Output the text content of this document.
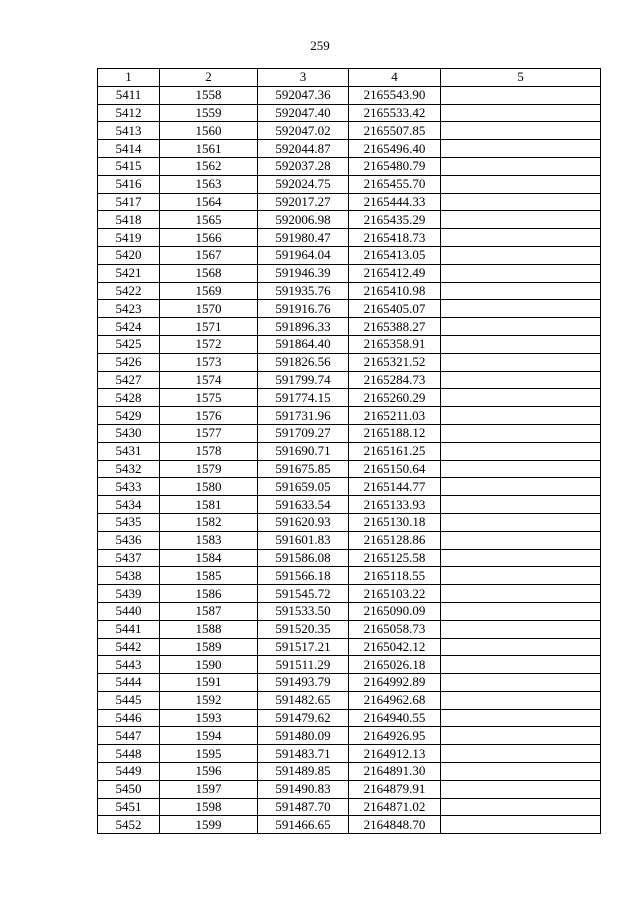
259
1	2	3	4	5
5411	1558	592047.36	2165543.90	
5412	1559	592047.40	2165533.42	
5413	1560	592047.02	2165507.85	
5414	1561	592044.87	2165496.40	
5415	1562	592037.28	2165480.79	
5416	1563	592024.75	2165455.70	
5417	1564	592017.27	2165444.33	
5418	1565	592006.98	2165435.29	
5419	1566	591980.47	2165418.73	
5420	1567	591964.04	2165413.05	
5421	1568	591946.39	2165412.49	
5422	1569	591935.76	2165410.98	
5423	1570	591916.76	2165405.07	
5424	1571	591896.33	2165388.27	
5425	1572	591864.40	2165358.91	
5426	1573	591826.56	2165321.52	
5427	1574	591799.74	2165284.73	
5428	1575	591774.15	2165260.29	
5429	1576	591731.96	2165211.03	
5430	1577	591709.27	2165188.12	
5431	1578	591690.71	2165161.25	
5432	1579	591675.85	2165150.64	
5433	1580	591659.05	2165144.77	
5434	1581	591633.54	2165133.93	
5435	1582	591620.93	2165130.18	
5436	1583	591601.83	2165128.86	
5437	1584	591586.08	2165125.58	
5438	1585	591566.18	2165118.55	
5439	1586	591545.72	2165103.22	
5440	1587	591533.50	2165090.09	
5441	1588	591520.35	2165058.73	
5442	1589	591517.21	2165042.12	
5443	1590	591511.29	2165026.18	
5444	1591	591493.79	2164992.89	
5445	1592	591482.65	2164962.68	
5446	1593	591479.62	2164940.55	
5447	1594	591480.09	2164926.95	
5448	1595	591483.71	2164912.13	
5449	1596	591489.85	2164891.30	
5450	1597	591490.83	2164879.91	
5451	1598	591487.70	2164871.02	
5452	1599	591466.65	2164848.70	
